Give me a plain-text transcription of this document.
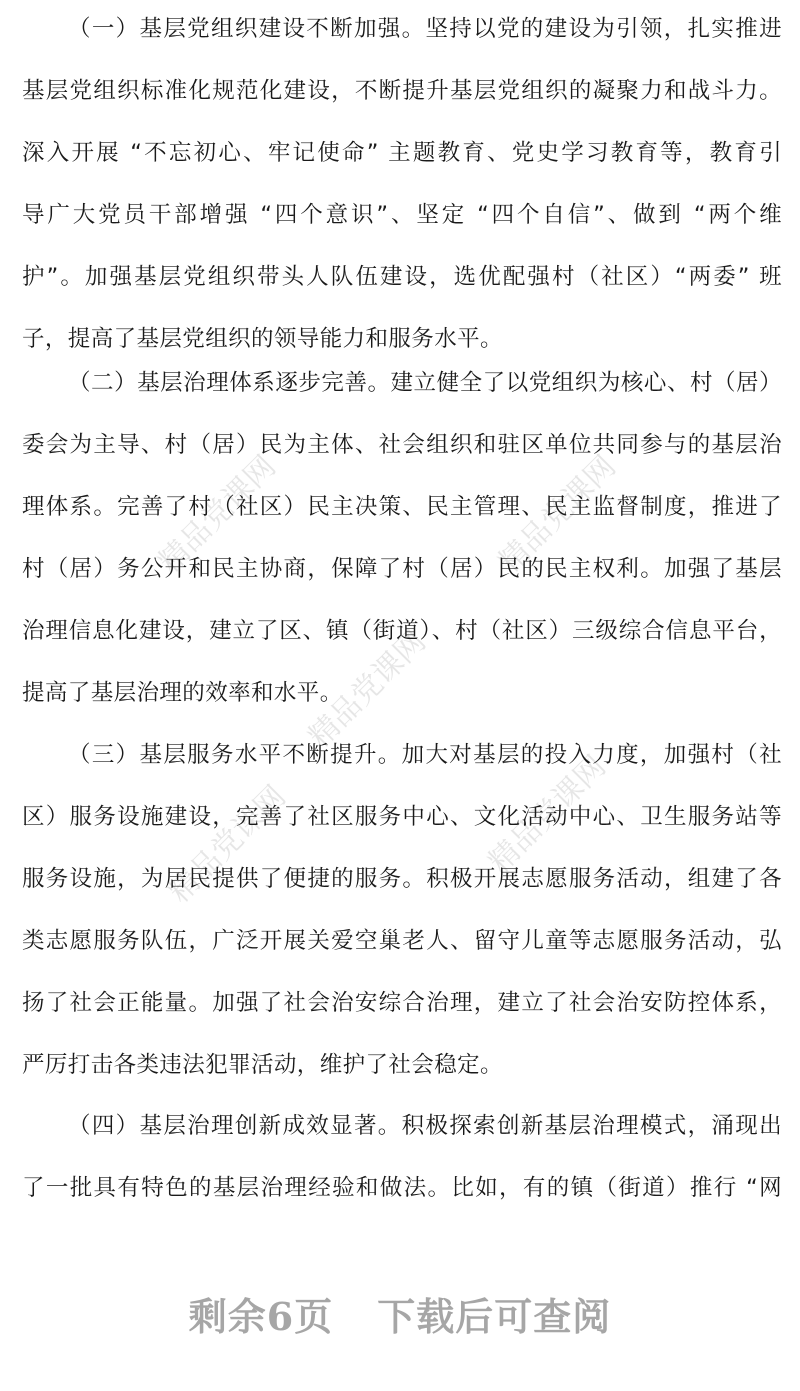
精品党课网	精品党课网
精品党课网
精品党课网	精品党课网
（一）基层党组织建设不断加强。坚持以党的建设为引领，扎实推进
基层党组织标准化规范化建设，不断提升基层党组织的凝聚力和战斗力。
深入开展 “不忘初心、牢记使命” 主题教育、党史学习教育等，教育引
导广大党员干部增强 “四个意识”、坚定 “四个自信”、做到 “两个维
护”。加强基层党组织带头人队伍建设，选优配强村（社区）“两委” 班
子，提高了基层党组织的领导能力和服务水平。
（二）基层治理体系逐步完善。建立健全了以党组织为核心、村（居）
委会为主导、村（居）民为主体、社会组织和驻区单位共同参与的基层治
理体系。完善了村（社区）民主决策、民主管理、民主监督制度，推进了
村（居）务公开和民主协商，保障了村（居）民的民主权利。加强了基层
治理信息化建设，建立了区、镇（街道）、村（社区）三级综合信息平台，
提高了基层治理的效率和水平。
（三）基层服务水平不断提升。加大对基层的投入力度，加强村（社
区）服务设施建设，完善了社区服务中心、文化活动中心、卫生服务站等
服务设施，为居民提供了便捷的服务。积极开展志愿服务活动，组建了各
类志愿服务队伍，广泛开展关爱空巢老人、留守儿童等志愿服务活动，弘
扬了社会正能量。加强了社会治安综合治理，建立了社会治安防控体系，
严厉打击各类违法犯罪活动，维护了社会稳定。
（四）基层治理创新成效显著。积极探索创新基层治理模式，涌现出
了一批具有特色的基层治理经验和做法。比如，有的镇（街道）推行 “网
剩余6页 下载后可查阅
